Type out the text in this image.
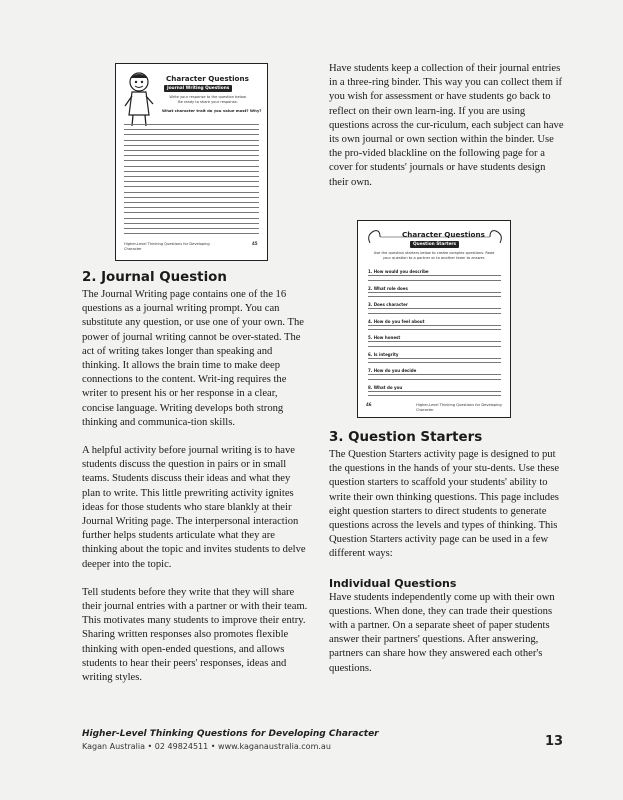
Character Questions
Journal Writing Questions
Write your response to the question below. Be ready to share your response.
What character trait do you value most? Why?
Higher-Level Thinking Questions for Developing Character
45
Character Questions
Question Starters
Use the question starters below to create complex questions. Read your question to a partner or to another team to answer.
1. How would you describe
2. What role does
3. Does character
4. How do you feel about
5. How honest
6. Is integrity
7. How do you decide
8. What do you
46	Higher-Level Thinking Questions for Developing Character
2. Journal Question

The Journal Writing page contains one of the 16 questions as a journal writing prompt. You can substitute any question, or use one of your own. The power of journal writing cannot be over-stated. The act of writing takes longer than speaking and thinking. It allows the brain time to make deep connections to the content. Writ-ing requires the writer to present his or her response in a clear, concise language. Writing develops both strong thinking and communica-tion skills.

A helpful activity before journal writing is to have students discuss the question in pairs or in small teams. Students discuss their ideas and what they plan to write. This little prewriting activity ignites ideas for those students who stare blankly at their Journal Writing page. The interpersonal interaction further helps students articulate what they are thinking about the topic and invites students to delve deeper into the topic.

Tell students before they write that they will share their journal entries with a partner or with their team. This motivates many students to improve their entry. Sharing written responses also promotes flexible thinking with open-ended questions, and allows students to hear their peers' responses, ideas and writing styles.

Have students keep a collection of their journal entries in a three-ring binder. This way you can collect them if you wish for assessment or have students go back to reflect on their own learn-ing. If you are using questions across the cur-riculum, each subject can have its own journal or own section within the binder. Use the pro-vided blackline on the following page for a cover for students' journals or have students design their own.

3. Question Starters

The Question Starters activity page is designed to put the questions in the hands of your stu-dents. Use these question starters to scaffold your students' ability to write their own thinking questions. This page includes eight question starters to direct students to generate questions across the levels and types of thinking. This Question Starters activity page can be used in a few different ways:

Individual Questions

Have students independently come up with their own questions. When done, they can trade their questions with a partner. On a separate sheet of paper students answer their partners' questions. After answering, partners can share how they answered each other's questions.

Higher-Level Thinking Questions for Developing Character
Kagan Australia • 02 49824511 • www.kaganaustralia.com.au	13
